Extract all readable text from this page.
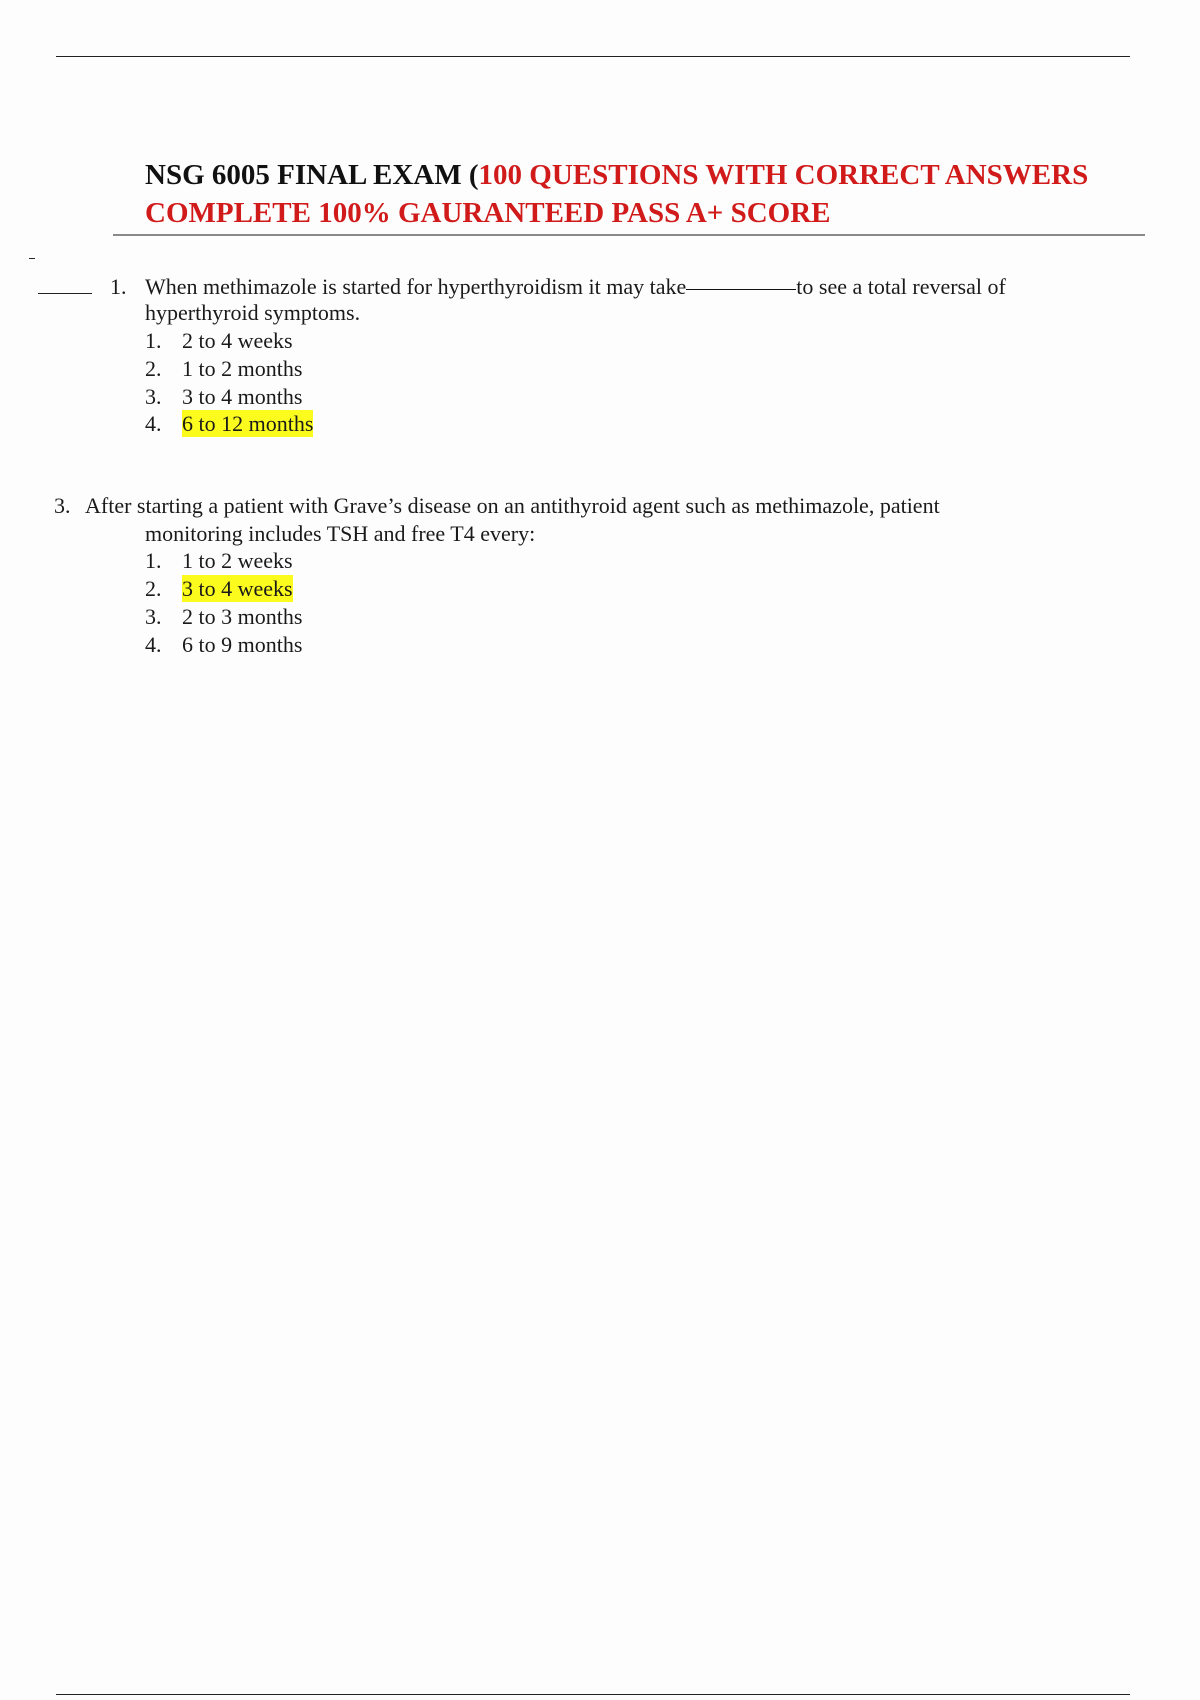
NSG 6005 FINAL EXAM (100 QUESTIONS WITH CORRECT ANSWERS
COMPLETE 100% GAURANTEED PASS A+ SCORE
1. When methimazole is started for hyperthyroidism it may take	to see a total reversal of
hyperthyroid symptoms.
1. 2 to 4 weeks
2. 1 to 2 months
3. 3 to 4 months
4. 6 to 12 months
3. After starting a patient with Grave’s disease on an antithyroid agent such as methimazole, patient
monitoring includes TSH and free T4 every:
1. 1 to 2 weeks
2. 3 to 4 weeks
3. 2 to 3 months
4. 6 to 9 months
